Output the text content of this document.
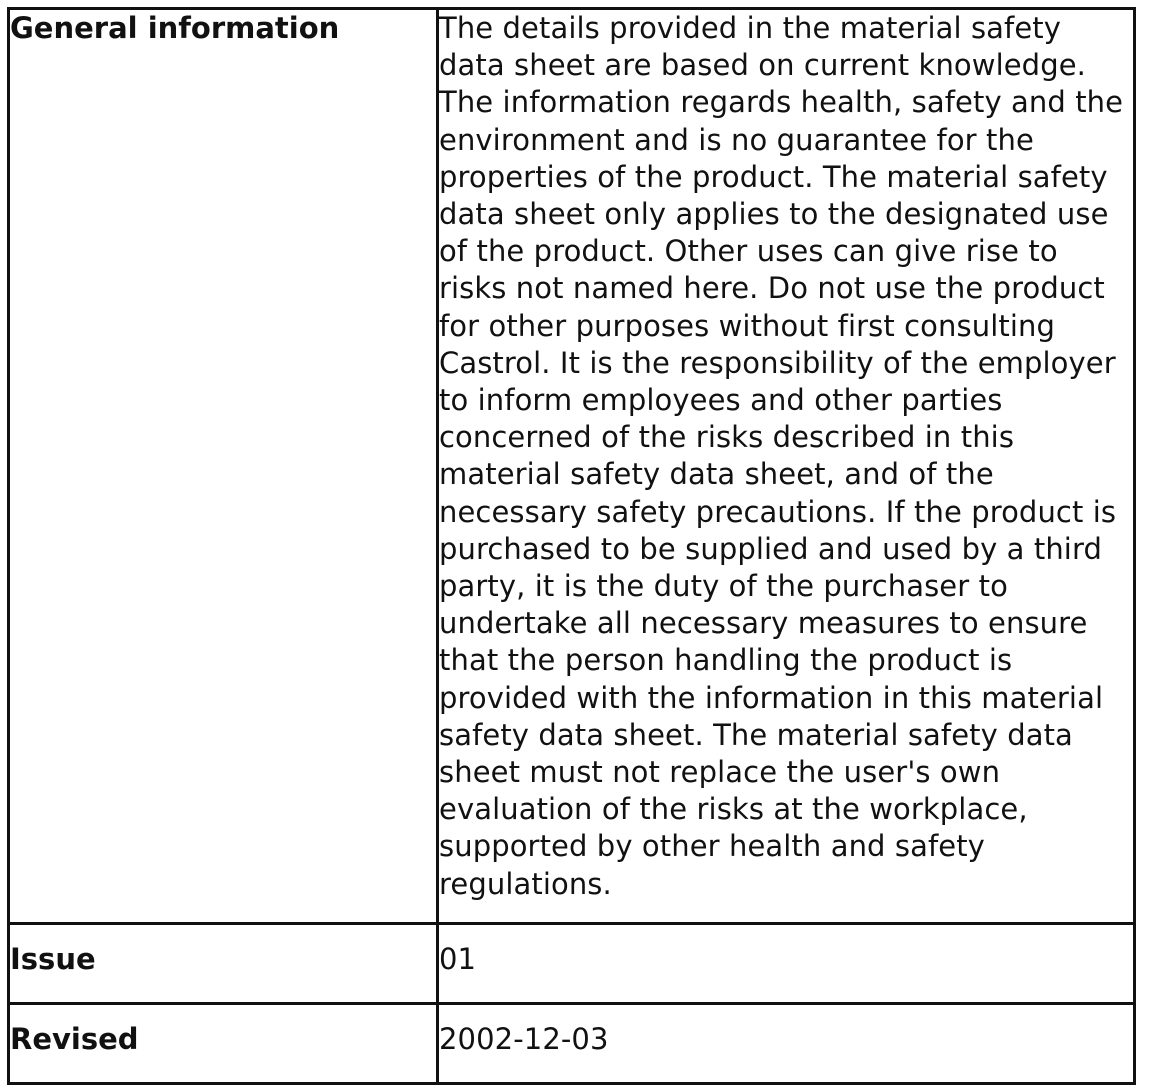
General information	The details provided in the material safety data sheet are based on current knowledge. The information regards health, safety and the environment and is no guarantee for the properties of the product. The material safety data sheet only applies to the designated use of the product. Other uses can give rise to risks not named here. Do not use the product for other purposes without first consulting Castrol. It is the responsibility of the employer to inform employees and other parties concerned of the risks described in this material safety data sheet, and of the necessary safety precautions. If the product is purchased to be supplied and used by a third party, it is the duty of the purchaser to undertake all necessary measures to ensure that the person handling the product is provided with the information in this material safety data sheet. The material safety data sheet must not replace the user's own evaluation of the risks at the workplace, supported by other health and safety regulations.
Issue	01
Revised	2002-12-03
